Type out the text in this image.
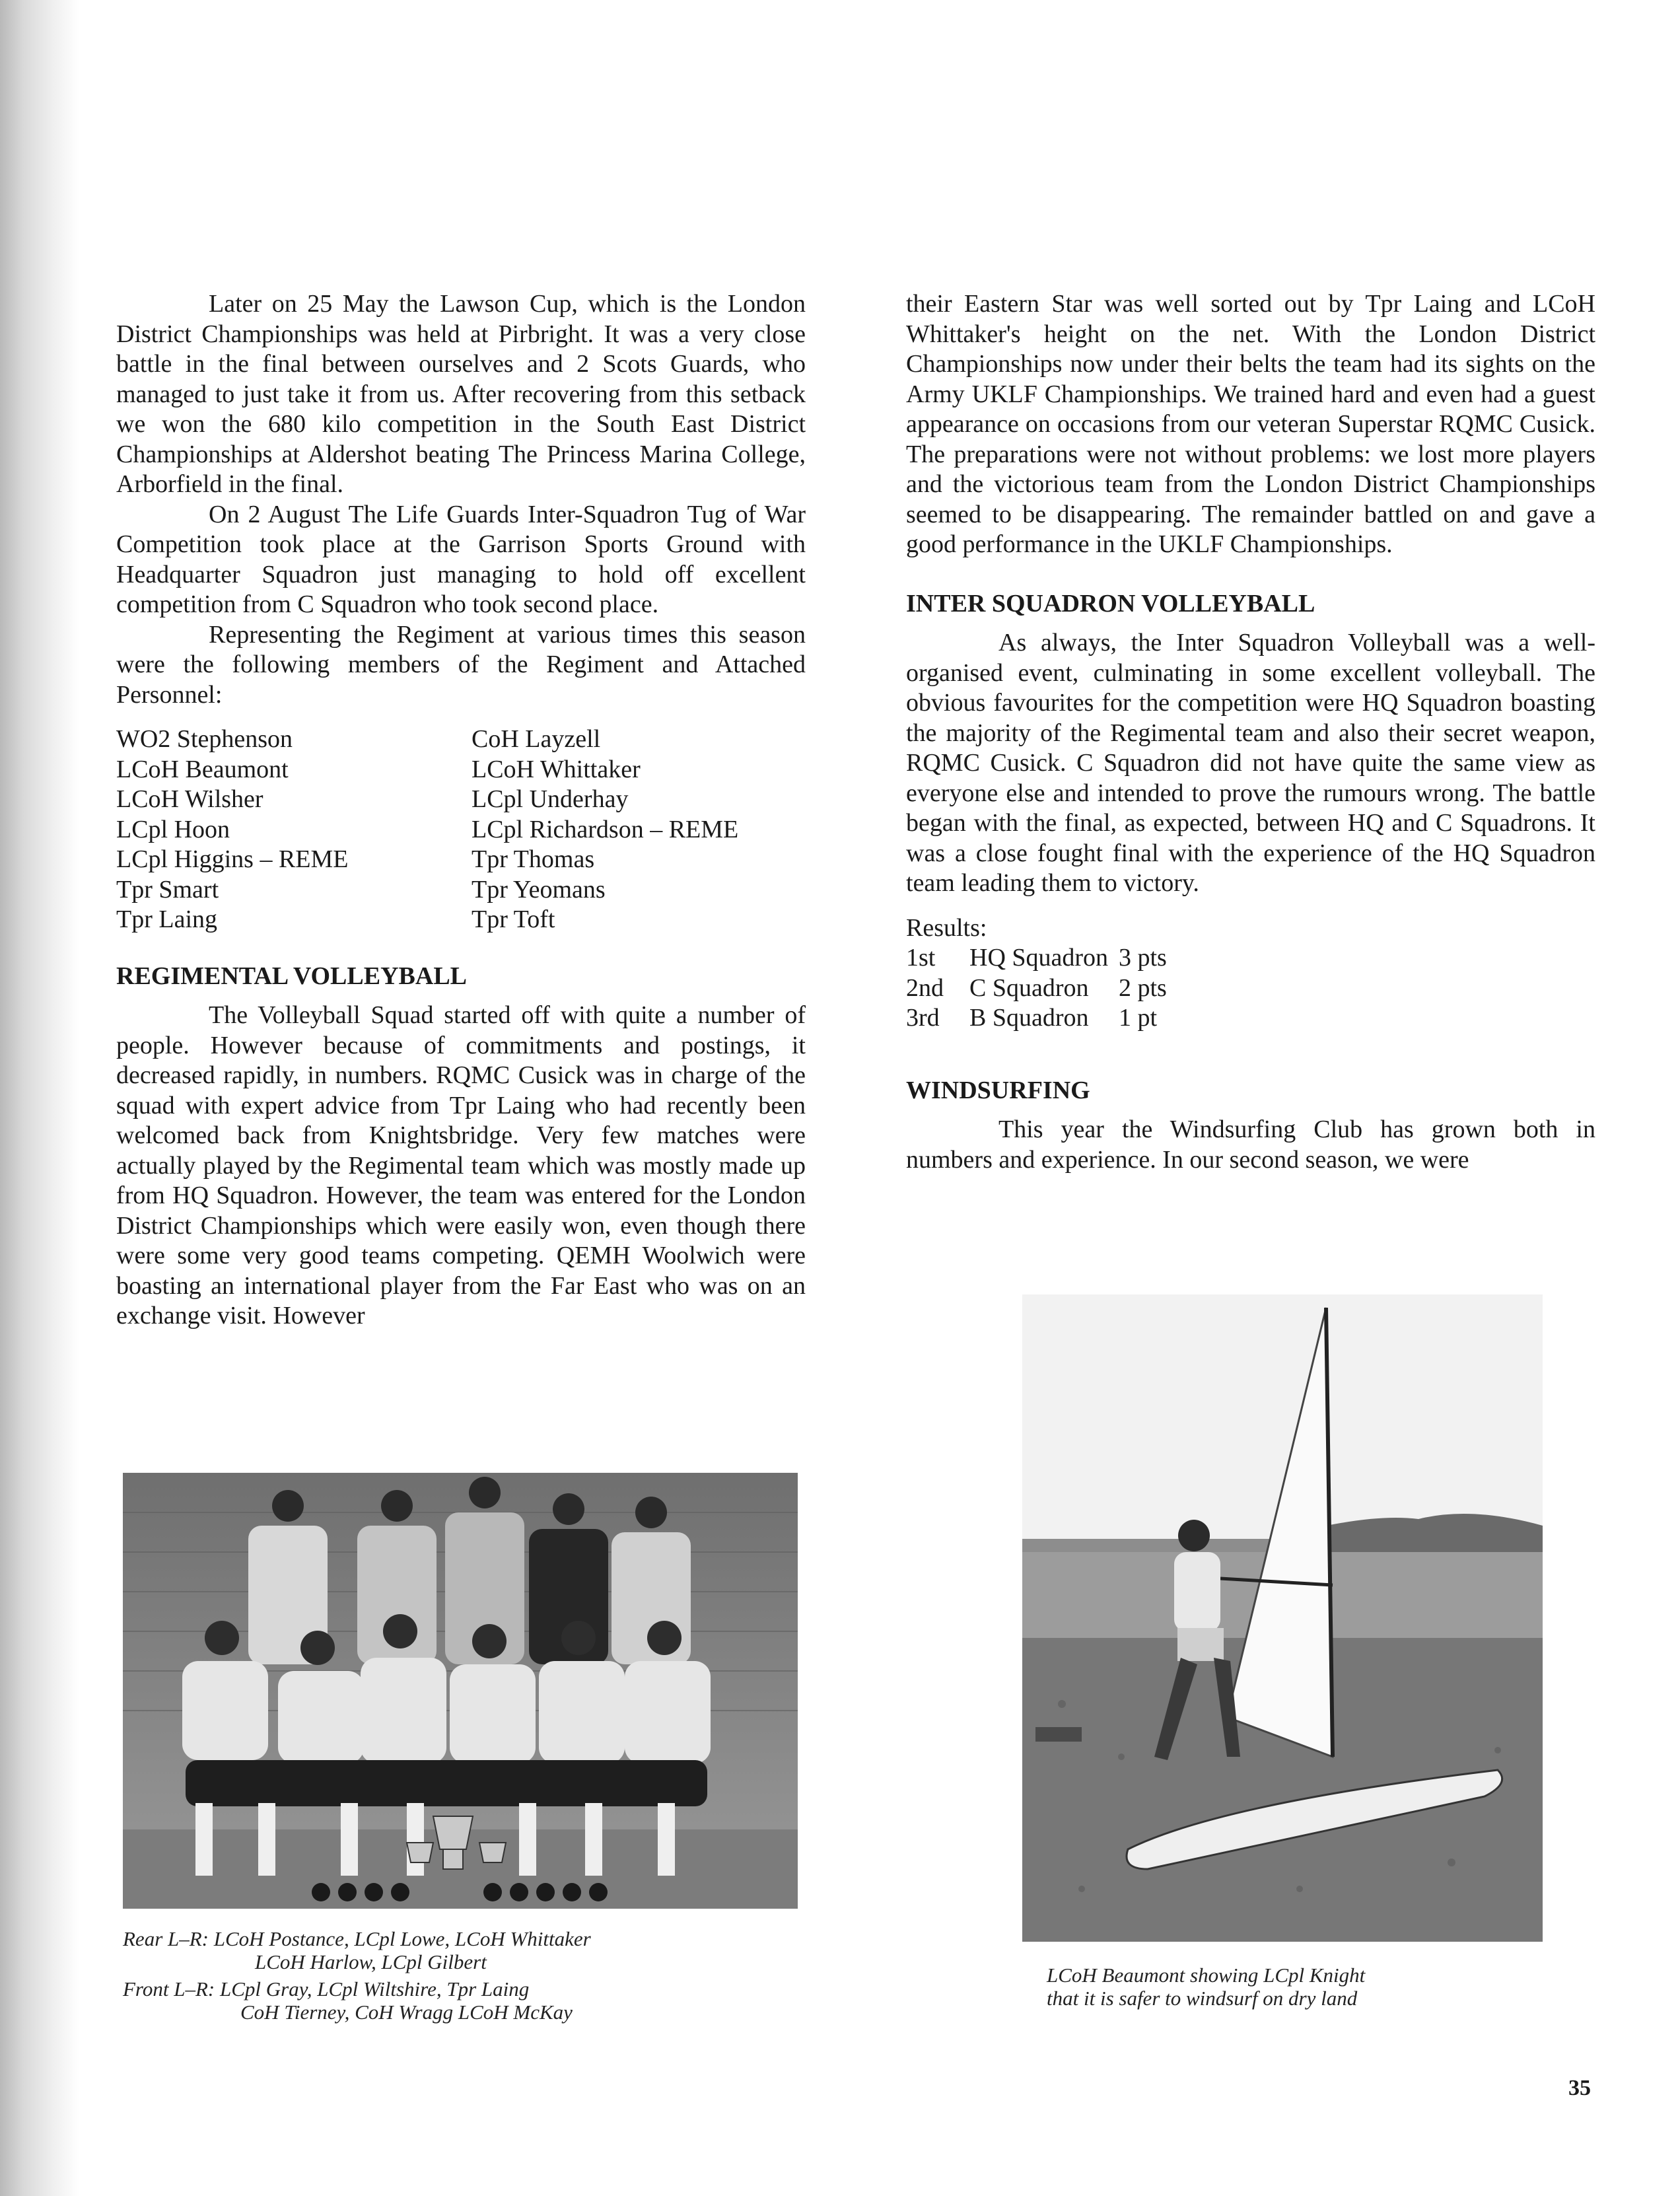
Later on 25 May the Lawson Cup, which is the London District Championships was held at Pirbright. It was a very close battle in the final between ourselves and 2 Scots Guards, who managed to just take it from us. After recovering from this setback we won the 680 kilo competition in the South East District Championships at Aldershot beating The Princess Marina College, Arborfield in the final.

On 2 August The Life Guards Inter-Squadron Tug of War Competition took place at the Garrison Sports Ground with Headquarter Squadron just managing to hold off excellent competition from C Squadron who took second place.

Representing the Regiment at various times this season were the following members of the Regiment and Attached Personnel:

WO2 Stephenson	CoH Layzell
LCoH Beaumont	LCoH Whittaker
LCoH Wilsher	LCpl Underhay
LCpl Hoon	LCpl Richardson – REME
LCpl Higgins – REME	Tpr Thomas
Tpr Smart	Tpr Yeomans
Tpr Laing	Tpr Toft
REGIMENTAL VOLLEYBALL

The Volleyball Squad started off with quite a number of people. However because of commitments and postings, it decreased rapidly, in numbers. RQMC Cusick was in charge of the squad with expert advice from Tpr Laing who had recently been welcomed back from Knightsbridge. Very few matches were actually played by the Regimental team which was mostly made up from HQ Squadron. However, the team was entered for the London District Championships which were easily won, even though there were some very good teams competing. QEMH Woolwich were boasting an international player from the Far East who was on an exchange visit. However

their Eastern Star was well sorted out by Tpr Laing and LCoH Whittaker's height on the net. With the London District Championships now under their belts the team had its sights on the Army UKLF Championships. We trained hard and even had a guest appearance on occasions from our veteran Superstar RQMC Cusick. The preparations were not without problems: we lost more players and the victorious team from the London District Championships seemed to be disappearing. The remainder battled on and gave a good performance in the UKLF Championships.

INTER SQUADRON VOLLEYBALL

As always, the Inter Squadron Volleyball was a well-organised event, culminating in some excellent volleyball. The obvious favourites for the competition were HQ Squadron boasting the majority of the Regimental team and also their secret weapon, RQMC Cusick. C Squadron did not have quite the same view as everyone else and intended to prove the rumours wrong. The battle began with the final, as expected, between HQ and C Squadrons. It was a close fought final with the experience of the HQ Squadron team leading them to victory.

Results:
1st	HQ Squadron 3 pts
2nd	C Squadron	2 pts
3rd	B Squadron	1 pt
WINDSURFING

This year the Windsurfing Club has grown both in numbers and experience. In our second season, we were

Rear L–R: LCoH Postance, LCpl Lowe, LCoH Whittaker
LCoH Harlow, LCpl Gilbert
Front L–R: LCpl Gray, LCpl Wiltshire, Tpr Laing
CoH Tierney, CoH Wragg LCoH McKay
LCoH Beaumont showing LCpl Knight
that it is safer to windsurf on dry land
35
